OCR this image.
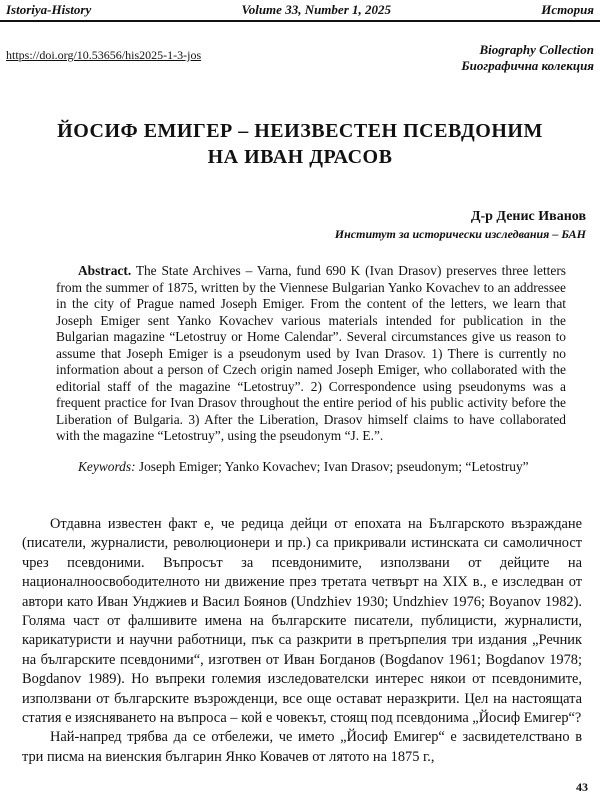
Istoriya-History	Volume 33, Number 1, 2025	История
https://doi.org/10.53656/his2025-1-3-jos	Biography Collection
Биографична колекция
ЙОСИФ ЕМИГЕР – НЕИЗВЕСТЕН ПСЕВДОНИМ
НА ИВАН ДРАСОВ
Д-р Денис Иванов
Институт за исторически изследвания – БАН
Abstract. The State Archives – Varna, fund 690 K (Ivan Drasov) preserves three letters from the summer of 1875, written by the Viennese Bulgarian Yanko Kovachev to an addressee in the city of Prague named Joseph Emiger. From the content of the letters, we learn that Joseph Emiger sent Yanko Kovachev various materials intended for publication in the Bulgarian magazine “Letostruy or Home Calendar”. Several circumstances give us reason to assume that Joseph Emiger is a pseudonym used by Ivan Drasov. 1) There is currently no information about a person of Czech origin named Joseph Emiger, who collaborated with the editorial staff of the magazine “Letostruy”. 2) Correspondence using pseudonyms was a frequent practice for Ivan Drasov throughout the entire period of his public activity before the Liberation of Bulgaria. 3) After the Liberation, Drasov himself claims to have collaborated with the magazine “Letostruy”, using the pseudonym “J. E.”.
Keywords: Joseph Emiger; Yanko Kovachev; Ivan Drasov; pseudonym; “Letostruy”

Отдавна известен факт е, че редица дейци от епохата на Българското възраждане (писатели, журналисти, революционери и пр.) са прикривали истинската си самоличност чрез псевдоними. Въпросът за псевдонимите, използвани от дейците на националноосвободителното ни движение през третата четвърт на XIX в., е изследван от автори като Иван Унджиев и Васил Боянов (Undzhiev 1930; Undzhiev 1976; Boyanov 1982). Голяма част от фалшивите имена на българските писатели, публицисти, журналисти, карикатуристи и научни работници, пък са разкрити в претърпелия три издания „Речник на българските псевдоними“, изготвен от Иван Богданов (Bogdanov 1961; Bogdanov 1978; Bogdanov 1989). Но въпреки големия изследователски интерес някои от псевдонимите, използвани от българските възрожденци, все още остават неразкрити. Цел на настоящата статия е изясняването на въпроса – кой е човекът, стоящ под псевдонима „Йосиф Емигер“?

Най-напред трябва да се отбележи, че името „Йосиф Емигер“ е засвидетелствано в три писма на виенския българин Янко Ковачев от лятото на 1875 г.,

43
